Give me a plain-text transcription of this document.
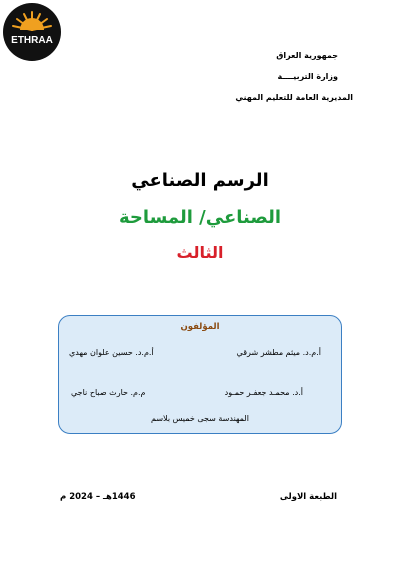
ETHRAA
جمهورية العراق
وزارة التربيــــة
المديرية العامة للتعليم المهني
الرسم الصناعي
الصناعي/ المساحة
الثالث
المؤلفون
أ.م.د. ميثم مطشر شرقي
أ.م.د. حسين علوان مهدي
أ.د. محمـد جعفـر حمـود
م.م. حارث صباح ناجي
المهندسة سجى خميس بلاسم
الطبعة الاولى
1446هـ – 2024 م
